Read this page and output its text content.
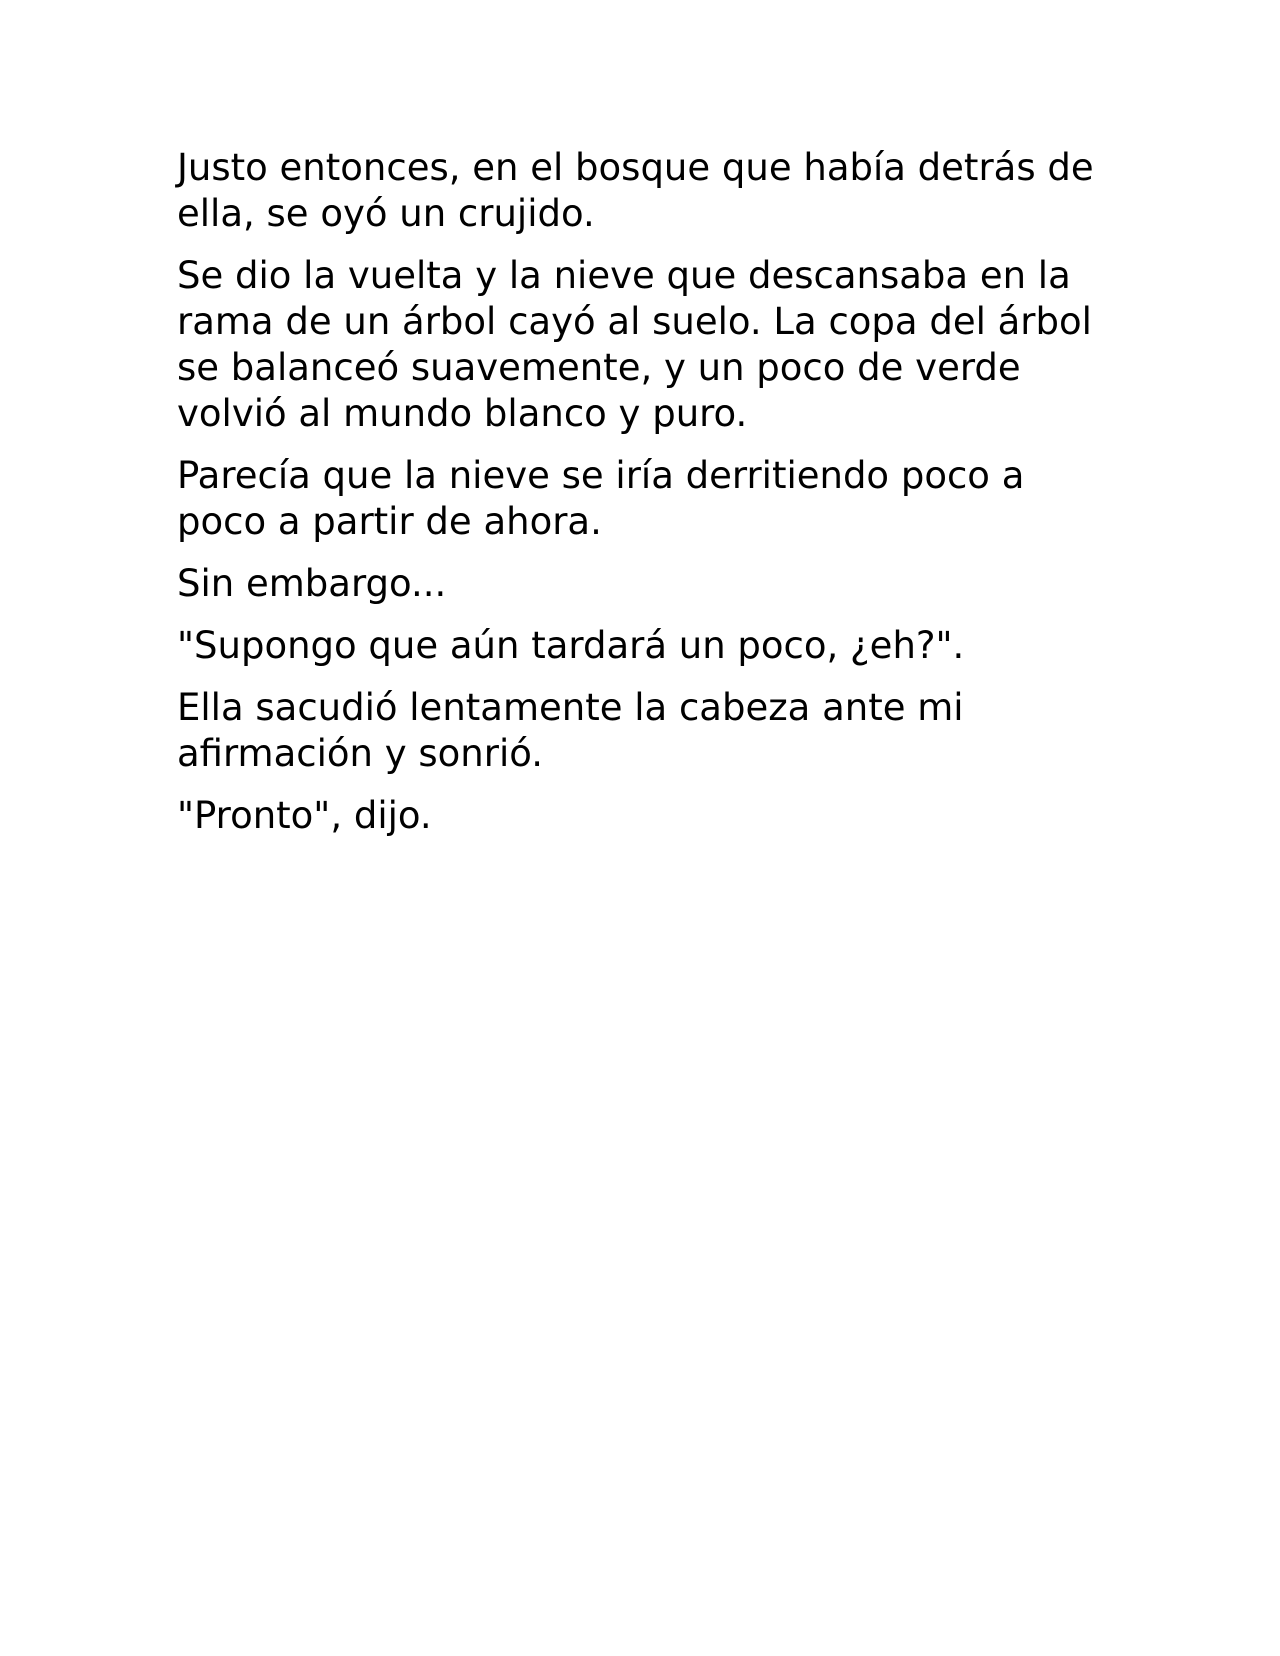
Justo entonces, en el bosque que había detrás de ella, se oyó un crujido.

Se dio la vuelta y la nieve que descansaba en la rama de un árbol cayó al suelo. La copa del árbol se balanceó suavemente, y un poco de verde volvió al mundo blanco y puro.

Parecía que la nieve se iría derritiendo poco a poco a partir de ahora.

Sin embargo...

"Supongo que aún tardará un poco, ¿eh?".

Ella sacudió lentamente la cabeza ante mi afirmación y sonrió.

"Pronto", dijo.
